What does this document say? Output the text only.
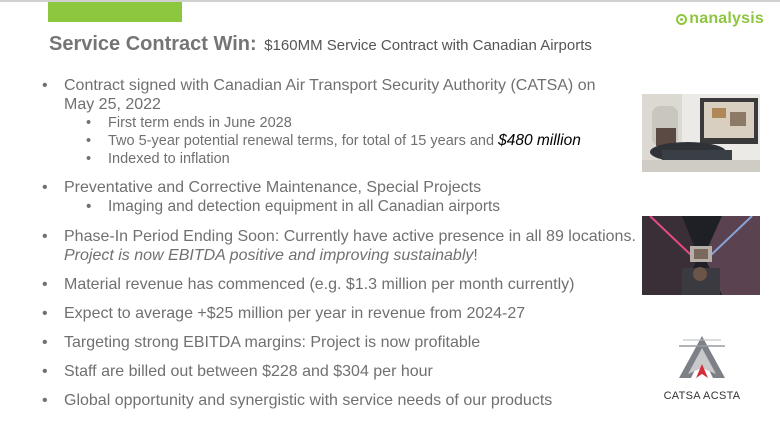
nanalysis
Service Contract Win: $160MM Service Contract with Canadian Airports
• Contract signed with Canadian Air Transport Security Authority (CATSA) on
May 25, 2022
• First term ends in June 2028
• Two 5-year potential renewal terms, for total of 15 years and $480 million
• Indexed to inflation
• Preventative and Corrective Maintenance, Special Projects
• Imaging and detection equipment in all Canadian airports
• Phase-In Period Ending Soon: Currently have active presence in all 89 locations.
Project is now EBITDA positive and improving sustainably!
• Material revenue has commenced (e.g. $1.3 million per month currently)
• Expect to average +$25 million per year in revenue from 2024-27
• Targeting strong EBITDA margins: Project is now profitable
• Staff are billed out between $228 and $304 per hour
• Global opportunity and synergistic with service needs of our products	CATSA ACSTA
